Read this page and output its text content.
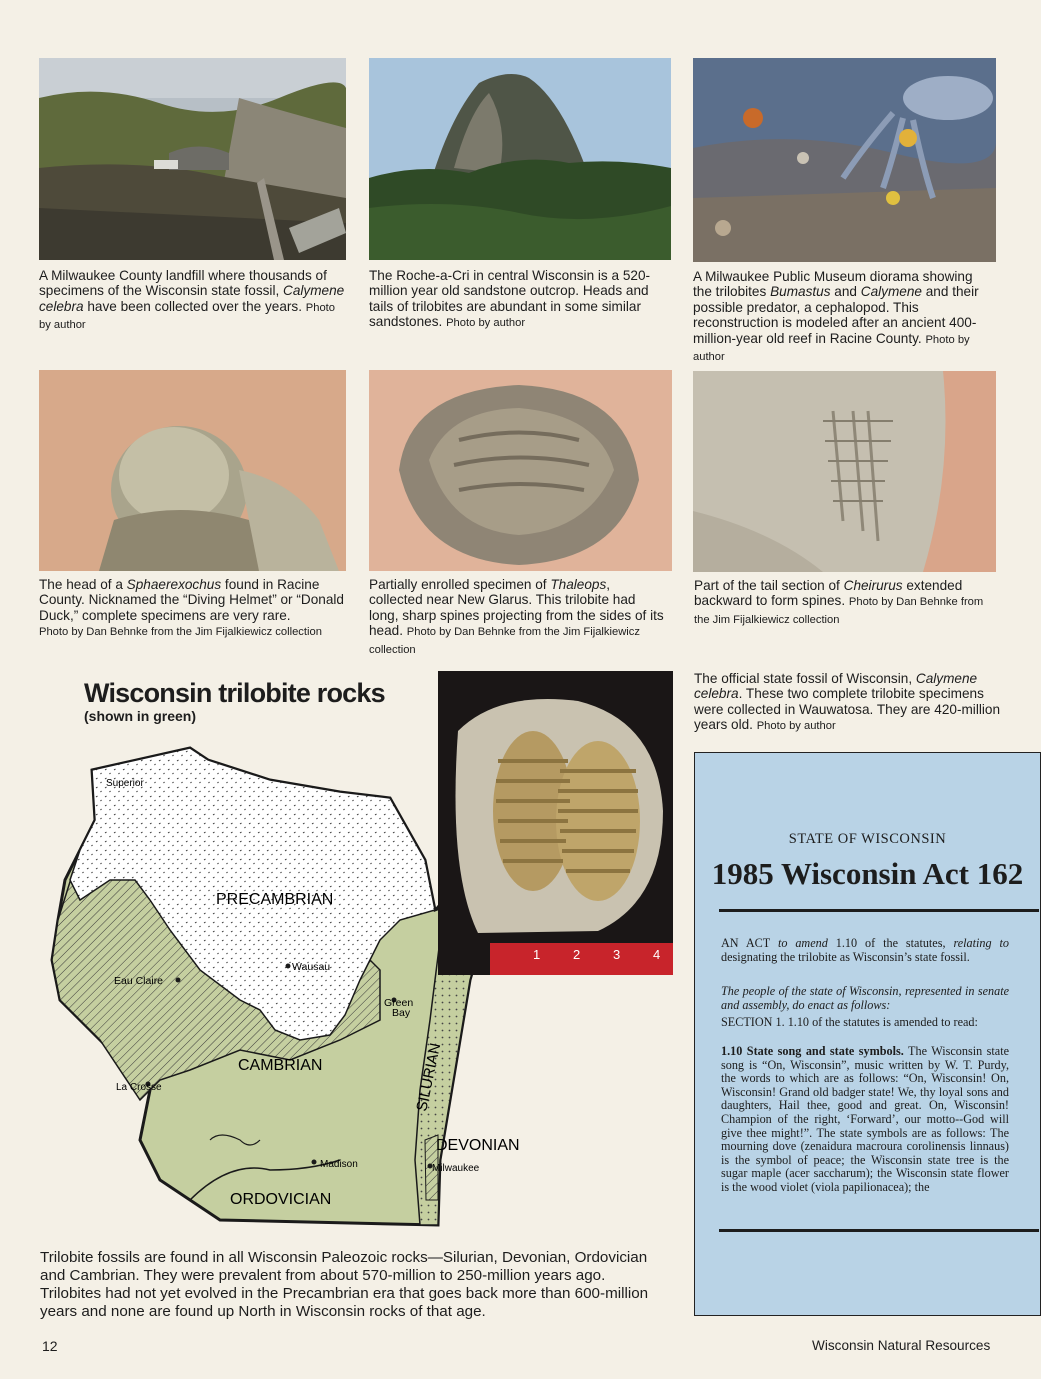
A Milwaukee County landfill where thousands of specimens of the Wisconsin state fossil, Calymene celebra have been collected over the years. Photo by author
The Roche-a-Cri in central Wisconsin is a 520-million year old sandstone outcrop. Heads and tails of trilobites are abundant in some similar sandstones. Photo by author
A Milwaukee Public Museum diorama showing the trilobites Bumastus and Calymene and their possible predator, a cephalopod. This reconstruction is modeled after an ancient 400-million-year old reef in Racine County. Photo by author
The head of a Sphaerexochus found in Racine County. Nicknamed the “Diving Helmet” or “Donald Duck,” complete specimens are very rare.
Photo by Dan Behnke from the Jim Fijalkiewicz collection
Partially enrolled specimen of Thaleops, collected near New Glarus. This trilobite had long, sharp spines projecting from the sides of its head. Photo by Dan Behnke from the Jim Fijalkiewicz collection
Part of the tail section of Cheirurus extended backward to form spines. Photo by Dan Behnke from the Jim Fijalkiewicz collection
The official state fossil of Wisconsin, Calymene celebra. These two complete trilobite specimens were collected in Wauwatosa. They are 420-million years old. Photo by author
Wisconsin trilobite rocks
(shown in green)
Superior
PRECAMBRIAN
Wausau
Eau Claire
Green
Bay
CAMBRIAN	SILURIAN
La Crosse
DEVONIAN
Madison	Milwaukee
ORDOVICIAN
1	2	3	4
STATE OF WISCONSIN
1985 Wisconsin Act 162
AN ACT to amend 1.10 of the statutes, relating to designating the trilobite as Wisconsin’s state fossil.
The people of the state of Wisconsin, represented in senate and assembly, do enact as follows:
SECTION 1. 1.10 of the statutes is amended to read:
1.10 State song and state symbols. The Wisconsin state song is “On, Wisconsin”, music written by W. T. Purdy, the words to which are as follows: “On, Wisconsin! On, Wisconsin! Grand old badger state! We, thy loyal sons and daughters, Hail thee, good and great. On, Wisconsin! Champion of the right, ‘Forward’, our motto--God will give thee might!”. The state symbols are as follows: The mourning dove (zenaidura macroura corolinensis linnaus) is the symbol of peace; the Wisconsin state tree is the sugar maple (acer saccharum); the Wisconsin state flower is the wood violet (viola papilionacea); the
Trilobite fossils are found in all Wisconsin Paleozoic rocks—Silurian, Devonian, Ordovician and Cambrian. They were prevalent from about 570-million to 250-million years ago. Trilobites had not yet evolved in the Precambrian era that goes back more than 600-million years and none are found up North in Wisconsin rocks of that age.
12	Wisconsin Natural Resources
